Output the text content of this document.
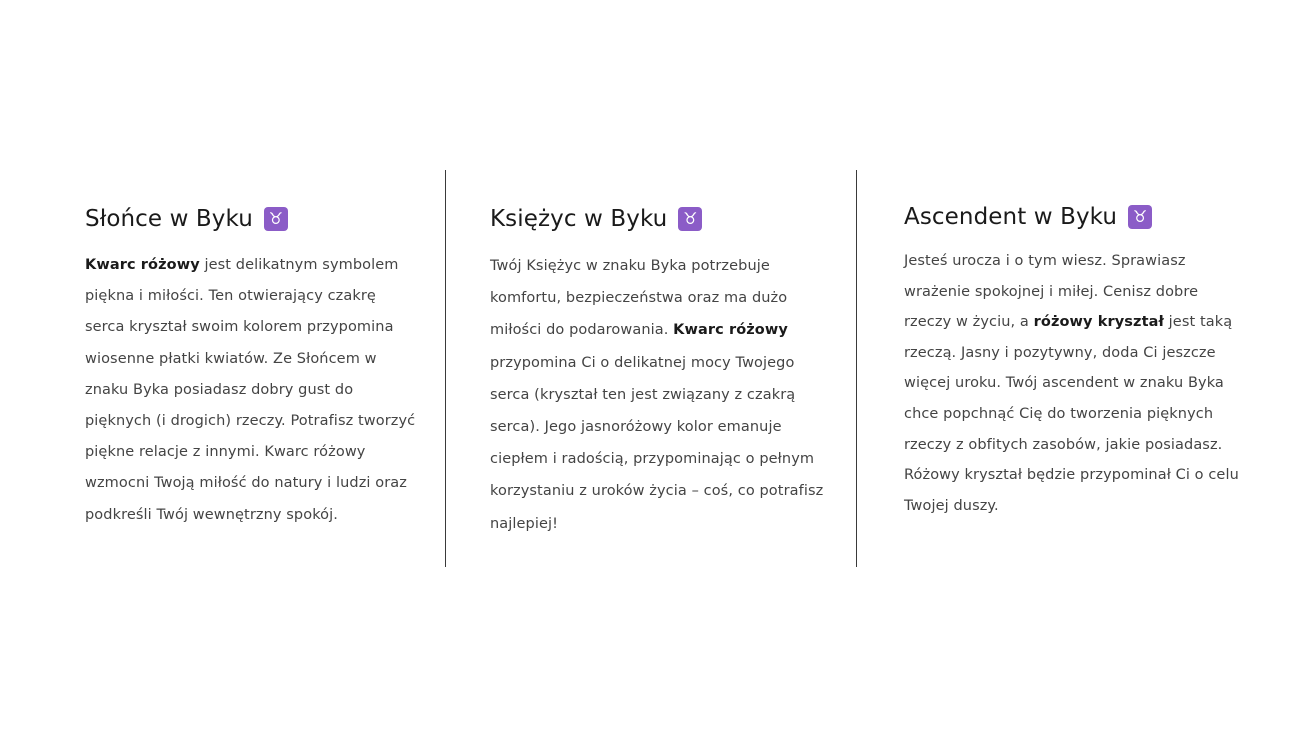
Słońce w Byku ♉

Kwarc różowy jest delikatnym symbolem piękna i miłości. Ten otwierający czakrę serca kryształ swoim kolorem przypomina wiosenne płatki kwiatów. Ze Słońcem w znaku Byka posiadasz dobry gust do pięknych (i drogich) rzeczy. Potrafisz tworzyć piękne relacje z innymi. Kwarc różowy wzmocni Twoją miłość do natury i ludzi oraz podkreśli Twój wewnętrzny spokój.

Księżyc w Byku ♉

Twój Księżyc w znaku Byka potrzebuje komfortu, bezpieczeństwa oraz ma dużo miłości do podarowania. Kwarc różowy przypomina Ci o delikatnej mocy Twojego serca (kryształ ten jest związany z czakrą serca). Jego jasnoróżowy kolor emanuje ciepłem i radością, przypominając o pełnym korzystaniu z uroków życia – coś, co potrafisz najlepiej!

Ascendent w Byku ♉

Jesteś urocza i o tym wiesz. Sprawiasz wrażenie spokojnej i miłej. Cenisz dobre rzeczy w życiu, a różowy kryształ jest taką rzeczą. Jasny i pozytywny, doda Ci jeszcze więcej uroku. Twój ascendent w znaku Byka chce popchnąć Cię do tworzenia pięknych rzeczy z obfitych zasobów, jakie posiadasz. Różowy kryształ będzie przypominał Ci o celu Twojej duszy.
